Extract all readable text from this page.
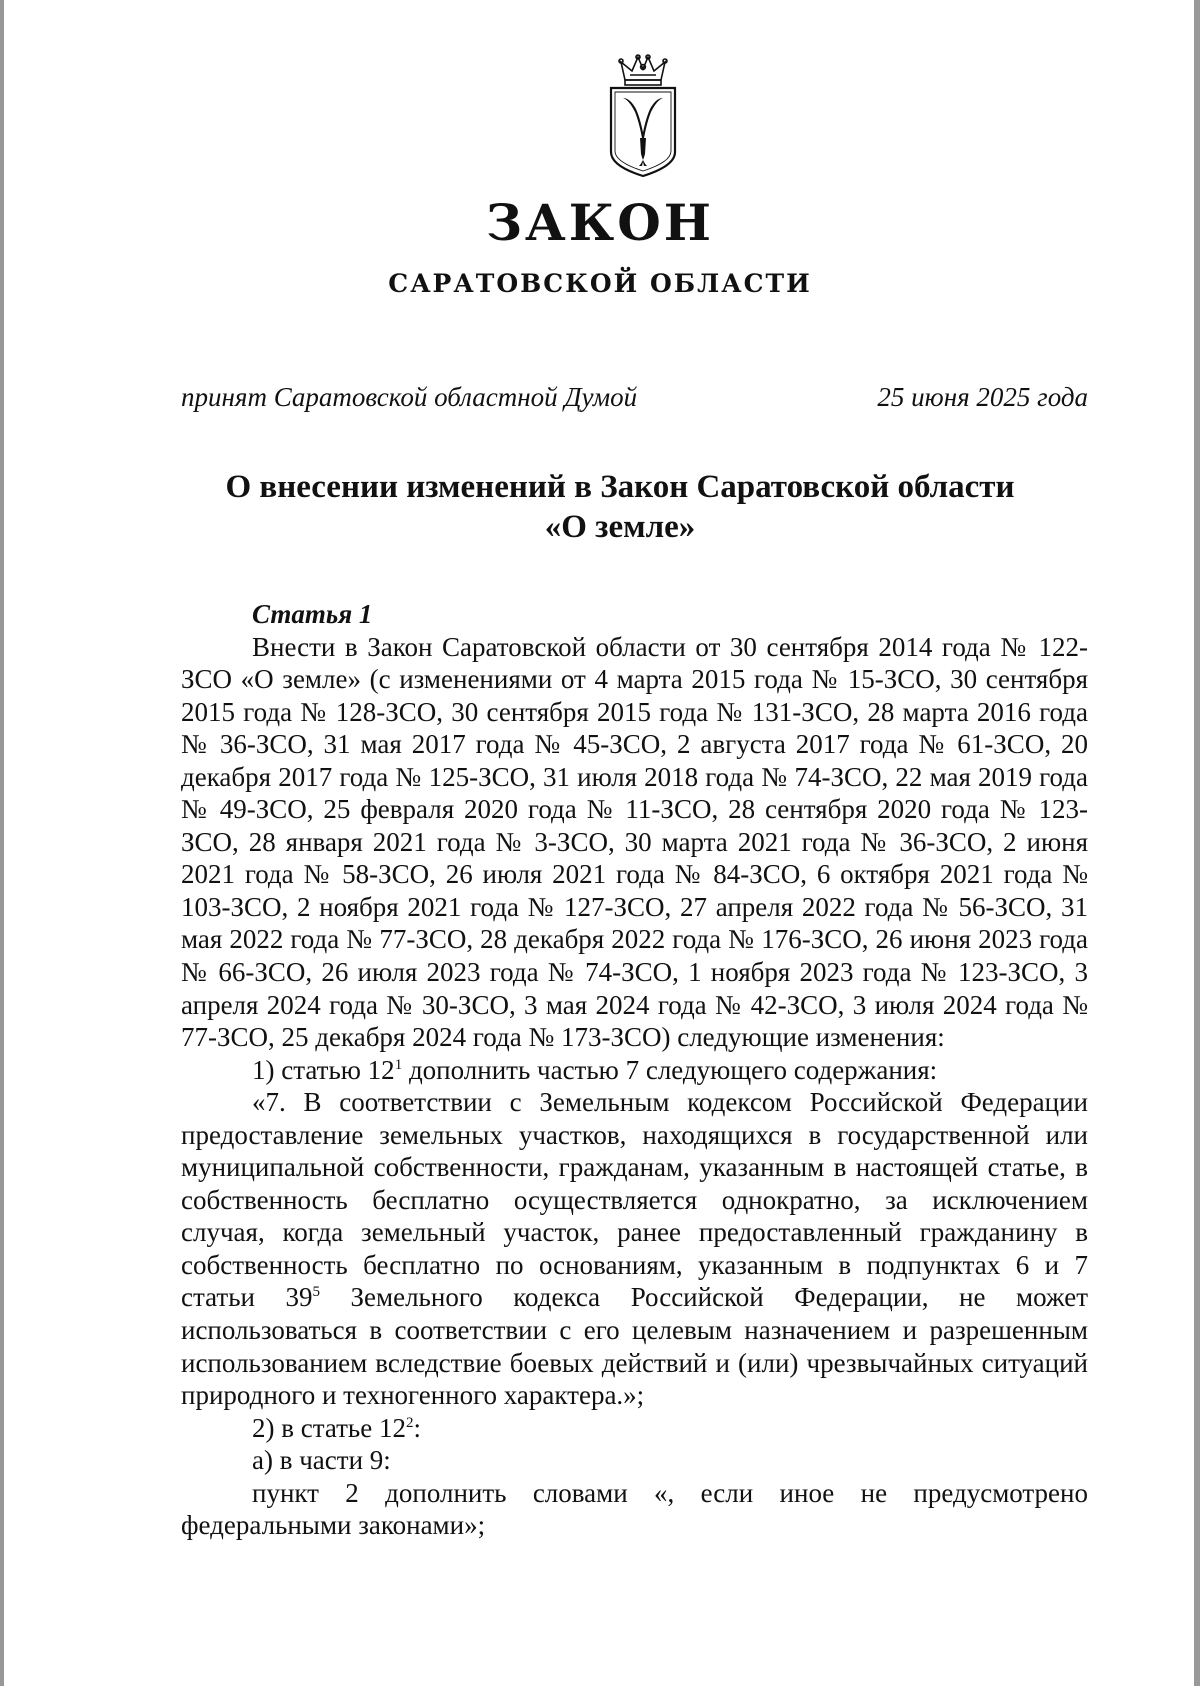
ЗАКОН
САРАТОВСКОЙ ОБЛАСТИ
принят Саратовской областной Думой	25 июня 2025 года
О внесении изменений в Закон Саратовской области
«О земле»
Статья 1

Внести в Закон Саратовской области от 30 сентября 2014 года № 122-ЗСО «О земле» (с изменениями от 4 марта 2015 года № 15-ЗСО, 30 сентября 2015 года № 128-ЗСО, 30 сентября 2015 года № 131-ЗСО, 28 марта 2016 года № 36-ЗСО, 31 мая 2017 года № 45-ЗСО, 2 августа 2017 года № 61-ЗСО, 20 декабря 2017 года № 125-ЗСО, 31 июля 2018 года № 74-ЗСО, 22 мая 2019 года № 49-ЗСО, 25 февраля 2020 года № 11-ЗСО, 28 сентября 2020 года № 123-ЗСО, 28 января 2021 года № 3-ЗСО, 30 марта 2021 года № 36-ЗСО, 2 июня 2021 года № 58-ЗСО, 26 июля 2021 года № 84-ЗСО, 6 октября 2021 года № 103-ЗСО, 2 ноября 2021 года № 127-ЗСО, 27 апреля 2022 года № 56-ЗСО, 31 мая 2022 года № 77-ЗСО, 28 декабря 2022 года № 176-ЗСО, 26 июня 2023 года № 66-ЗСО, 26 июля 2023 года № 74-ЗСО, 1 ноября 2023 года № 123-ЗСО, 3 апреля 2024 года № 30-ЗСО, 3 мая 2024 года № 42-ЗСО, 3 июля 2024 года № 77-ЗСО, 25 декабря 2024 года № 173-ЗСО) следующие изменения:

1) статью $12^1$ дополнить частью 7 следующего содержания:

«7. В соответствии с Земельным кодексом Российской Федерации предоставление земельных участков, находящихся в государственной или муниципальной собственности, гражданам, указанным в настоящей статье, в собственность бесплатно осуществляется однократно, за исключением случая, когда земельный участок, ранее предоставленный гражданину в собственность бесплатно по основаниям, указанным в подпунктах 6 и 7 статьи $39^5$ Земельного кодекса Российской Федерации, не может использоваться в соответствии с его целевым назначением и разрешенным использованием вследствие боевых действий и (или) чрезвычайных ситуаций природного и техногенного характера.»;

2) в статье $12^2$:

а) в части 9:

пункт 2 дополнить словами «, если иное не предусмотрено федеральными законами»;
